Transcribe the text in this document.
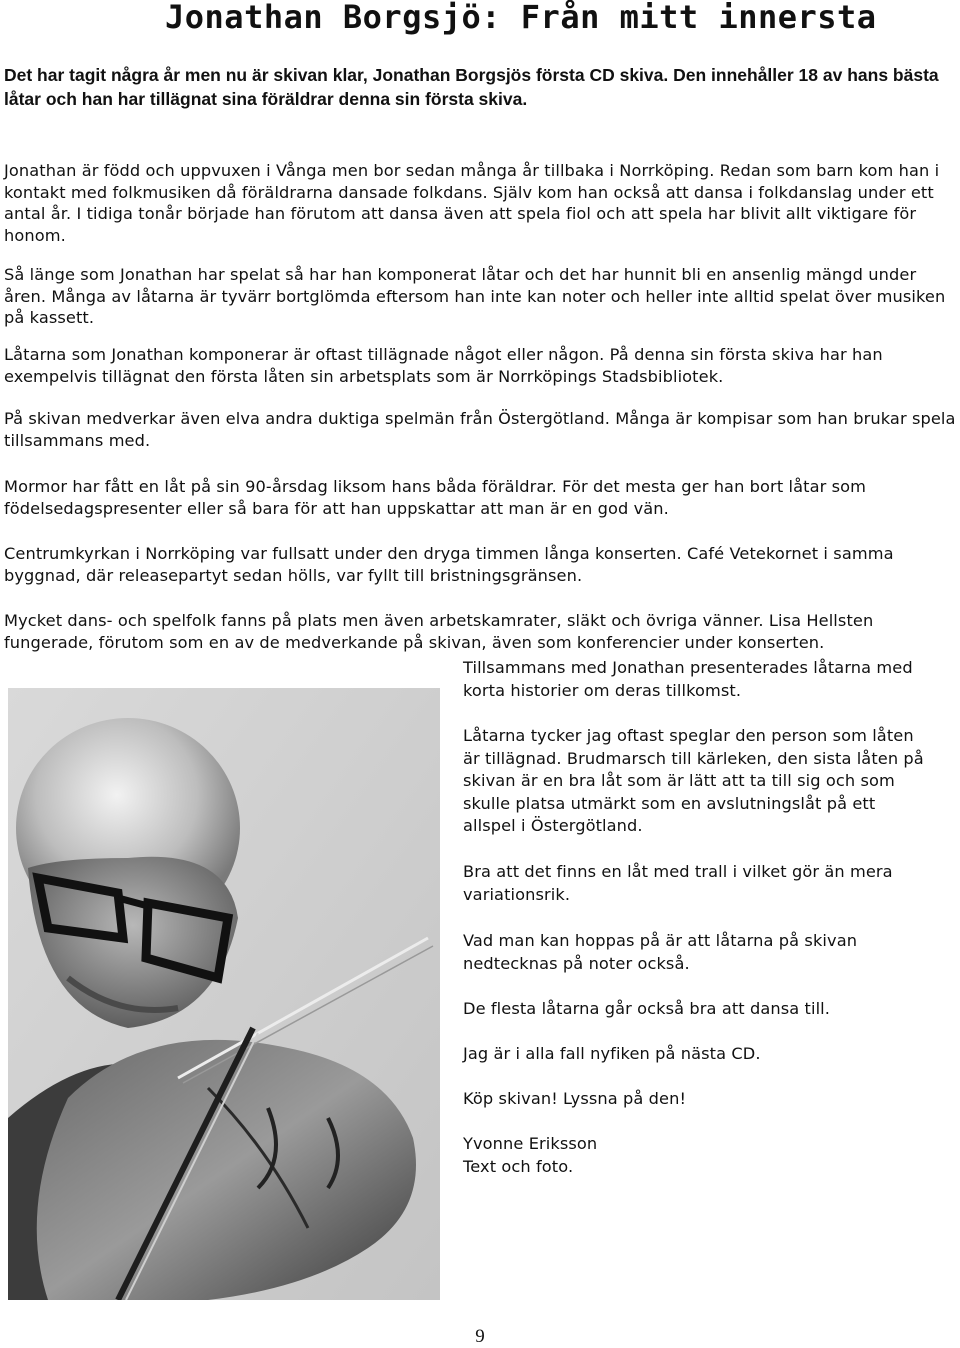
Jonathan Borgsjö: Från mitt innersta

Det har tagit några år men nu är skivan klar, Jonathan Borgsjös första CD skiva. Den innehåller 18 av hans bästa låtar och han har tillägnat sina föräldrar denna sin första skiva.

Jonathan är född och uppvuxen i Vånga men bor sedan många år tillbaka i Norrköping. Redan som barn kom han i kontakt med folkmusiken då föräldrarna dansade folkdans. Själv kom han också att dansa i folkdanslag under ett antal år. I tidiga tonår började han förutom att dansa även att spela fiol och att spela har blivit allt viktigare för honom.

Så länge som Jonathan har spelat så har han komponerat låtar och det har hunnit bli en ansenlig mängd under åren. Många av låtarna är tyvärr bortglömda eftersom han inte kan noter och heller inte alltid spelat över musiken på kassett.

Låtarna som Jonathan komponerar är oftast tillägnade något eller någon. På denna sin första skiva har han exempelvis tillägnat den första låten sin arbetsplats som är Norrköpings Stadsbibliotek.

På skivan medverkar även elva andra duktiga spelmän från Östergötland. Många är kompisar som han brukar spela tillsammans med.

Mormor har fått en låt på sin 90-årsdag liksom hans båda föräldrar. För det mesta ger han bort låtar som födelsedagspresenter eller så bara för att han uppskattar att man är en god vän.

Centrumkyrkan i Norrköping var fullsatt under den dryga timmen långa konserten. Café Vetekornet i samma byggnad, där releasepartyt sedan hölls, var fyllt till bristningsgränsen.

Mycket dans- och spelfolk fanns på plats men även arbetskamrater, släkt och övriga vänner. Lisa Hellsten fungerade, förutom som en av de medverkande på skivan, även som konferencier under konserten.

Tillsammans med Jonathan presenterades låtarna med korta historier om deras tillkomst.

Låtarna tycker jag oftast speglar den person som låten är tillägnad. Brudmarsch till kärleken, den sista låten på skivan är en bra låt som är lätt att ta till sig och som skulle platsa utmärkt som en avslutningslåt på ett allspel i Östergötland.

Bra att det finns en låt med trall i vilket gör än mera variationsrik.

Vad man kan hoppas på är att låtarna på skivan nedtecknas på noter också.

De flesta låtarna går också bra att dansa till.

Jag är i alla fall nyfiken på nästa CD.

Köp skivan! Lyssna på den!

Yvonne Eriksson

Text och foto.

9
